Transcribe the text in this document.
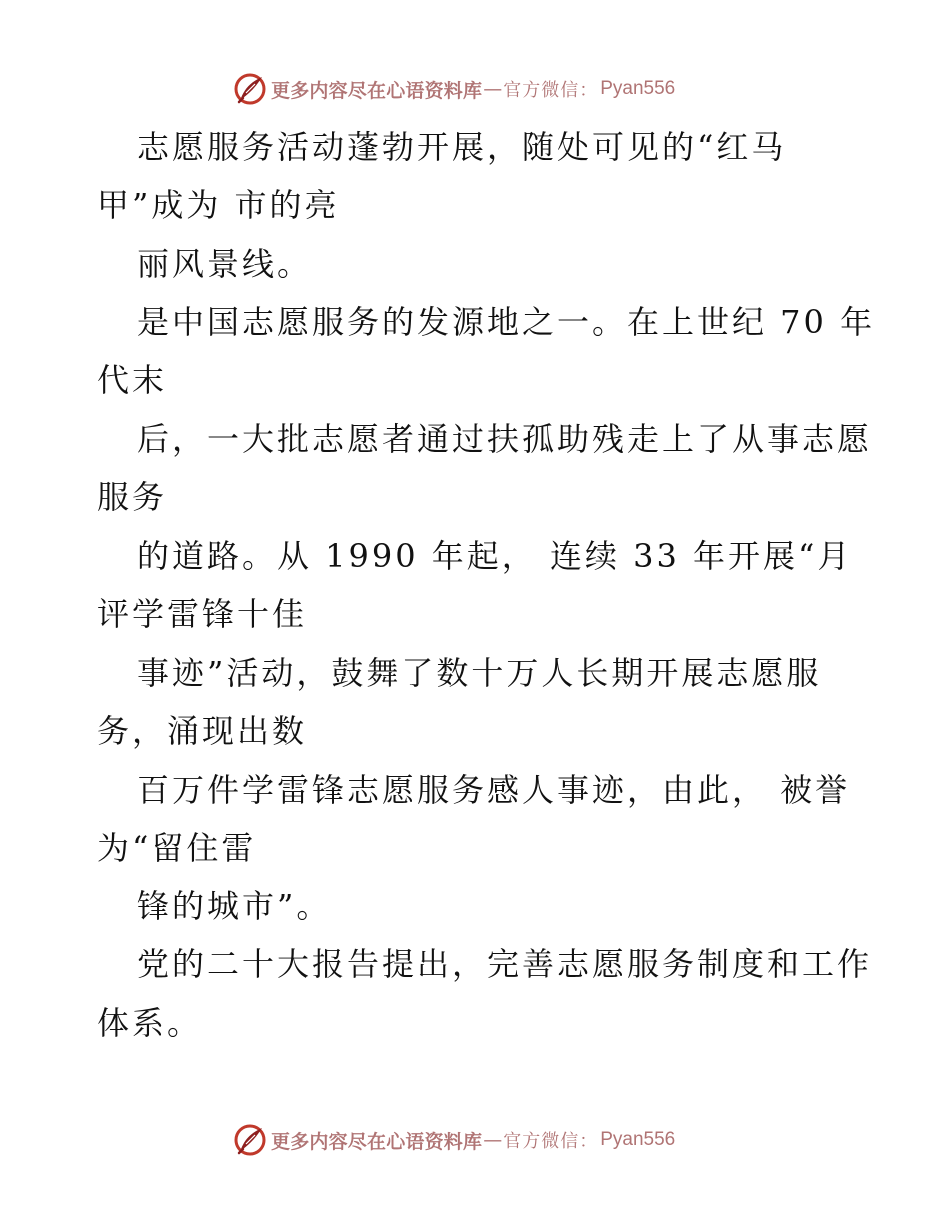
更多内容尽在心语资料库 — 官方微信： Pyan556
志愿服务活动蓬勃开展，随处可见的“红马
甲”成为 市的亮
丽风景线。
是中国志愿服务的发源地之一。在上世纪 70 年
代末
后，一大批志愿者通过扶孤助残走上了从事志愿
服务
的道路。从 1990 年起， 连续 33 年开展“月
评学雷锋十佳
事迹”活动，鼓舞了数十万人长期开展志愿服
务，涌现出数
百万件学雷锋志愿服务感人事迹，由此， 被誉
为“留住雷
锋的城市”。
党的二十大报告提出，完善志愿服务制度和工作
体系。
更多内容尽在心语资料库 — 官方微信： Pyan556
